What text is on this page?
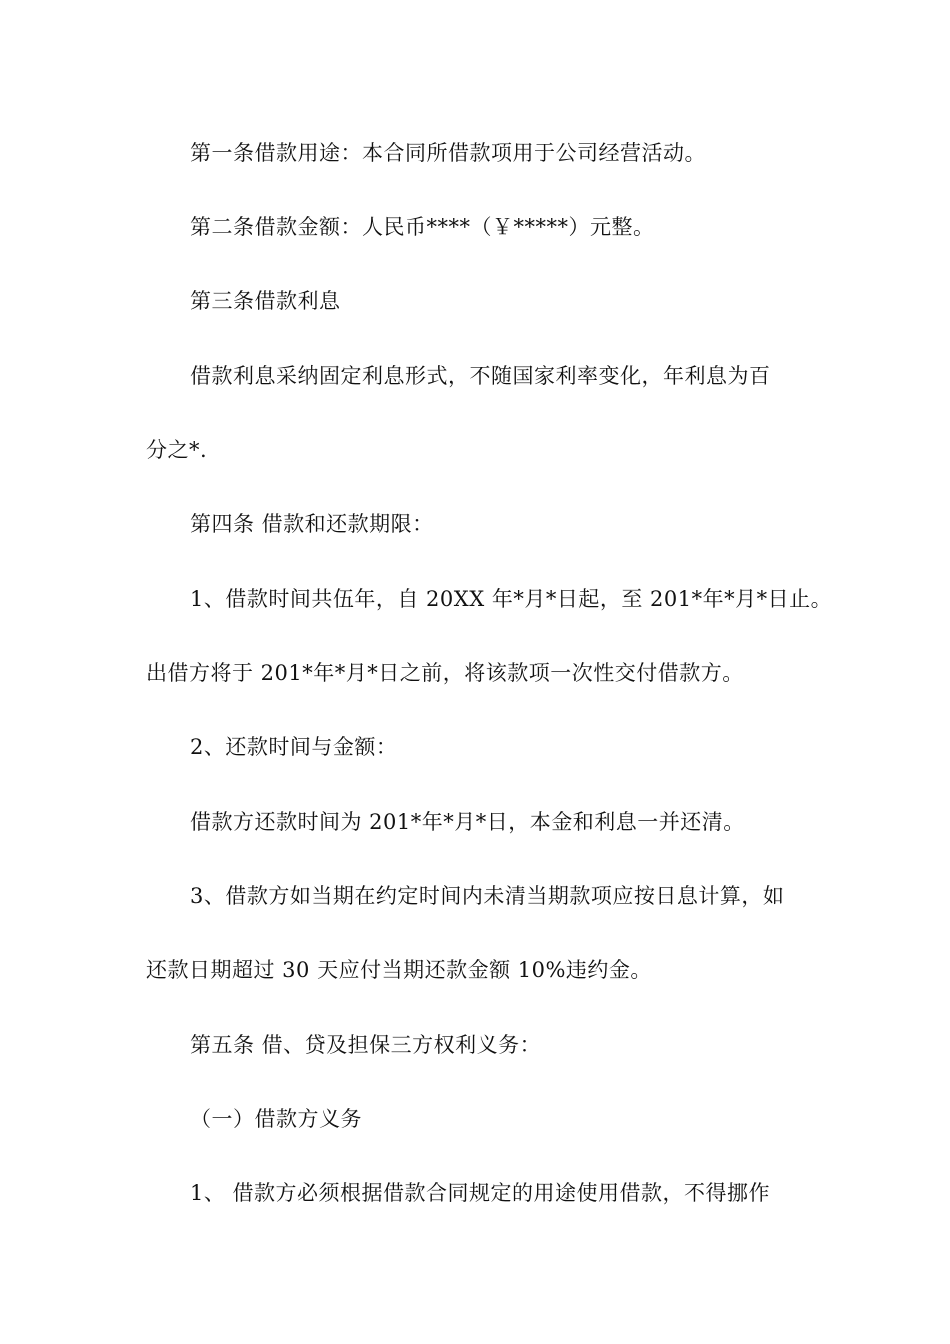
第一条借款用途：本合同所借款项用于公司经营活动。
第二条借款金额：人民币****（￥*****）元整。
第三条借款利息
借款利息采纳固定利息形式，不随国家利率变化，年利息为百
分之*.
第四条 借款和还款期限：
1、借款时间共伍年，自 20XX 年*月*日起，至 201*年*月*日止。
出借方将于 201*年*月*日之前，将该款项一次性交付借款方。
2、还款时间与金额：
借款方还款时间为 201*年*月*日，本金和利息一并还清。
3、借款方如当期在约定时间内未清当期款项应按日息计算，如
还款日期超过 30 天应付当期还款金额 10%违约金。
第五条 借、贷及担保三方权利义务：
（一）借款方义务
1、 借款方必须根据借款合同规定的用途使用借款，不得挪作
